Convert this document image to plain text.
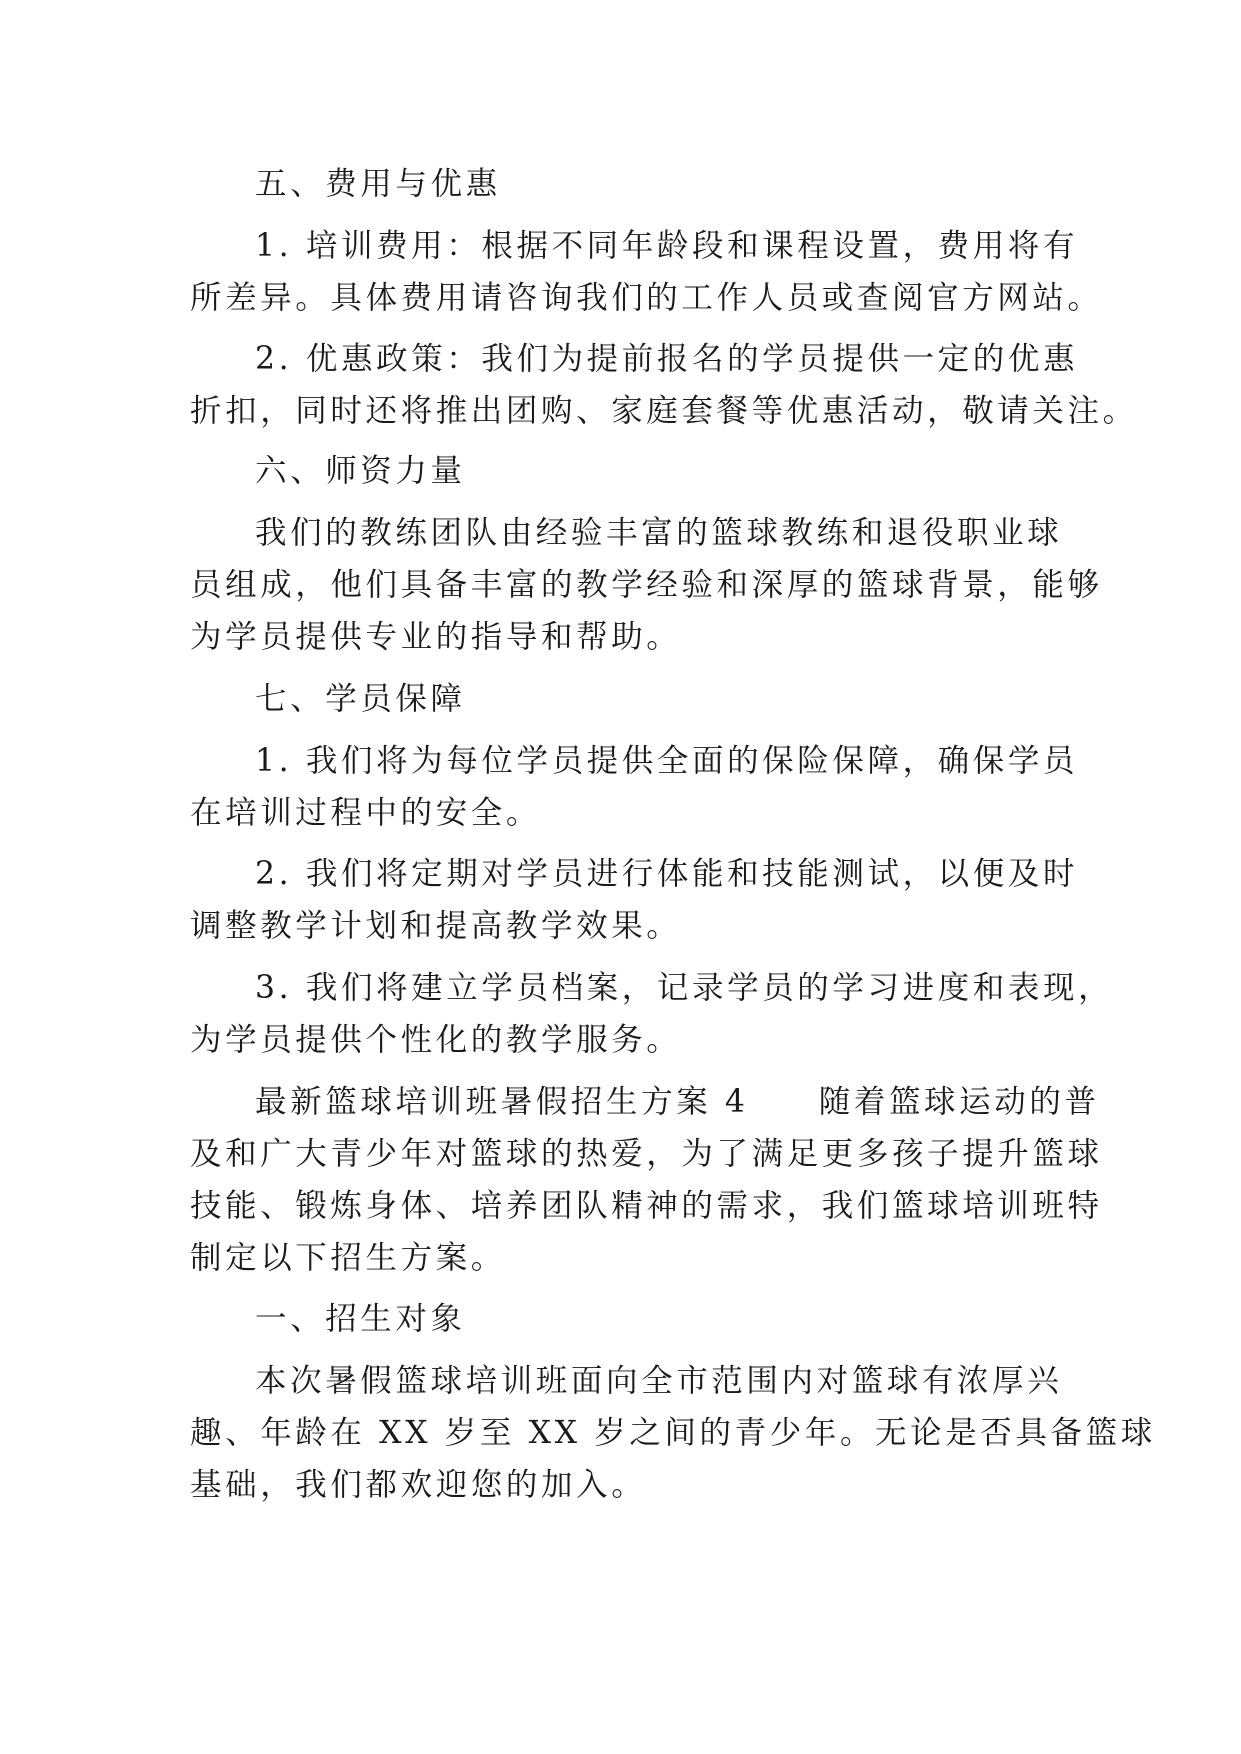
五、费用与优惠
1. 培训费用：根据不同年龄段和课程设置，费用将有
所差异。具体费用请咨询我们的工作人员或查阅官方网站。
2. 优惠政策：我们为提前报名的学员提供一定的优惠
折扣，同时还将推出团购、家庭套餐等优惠活动，敬请关注。
六、师资力量
我们的教练团队由经验丰富的篮球教练和退役职业球
员组成，他们具备丰富的教学经验和深厚的篮球背景，能够
为学员提供专业的指导和帮助。
七、学员保障
1. 我们将为每位学员提供全面的保险保障，确保学员
在培训过程中的安全。
2. 我们将定期对学员进行体能和技能测试，以便及时
调整教学计划和提高教学效果。
3. 我们将建立学员档案，记录学员的学习进度和表现，
为学员提供个性化的教学服务。
最新篮球培训班暑假招生方案 4　　随着篮球运动的普
及和广大青少年对篮球的热爱，为了满足更多孩子提升篮球
技能、锻炼身体、培养团队精神的需求，我们篮球培训班特
制定以下招生方案。
一、招生对象
本次暑假篮球培训班面向全市范围内对篮球有浓厚兴
趣、年龄在 XX 岁至 XX 岁之间的青少年。无论是否具备篮球
基础，我们都欢迎您的加入。
